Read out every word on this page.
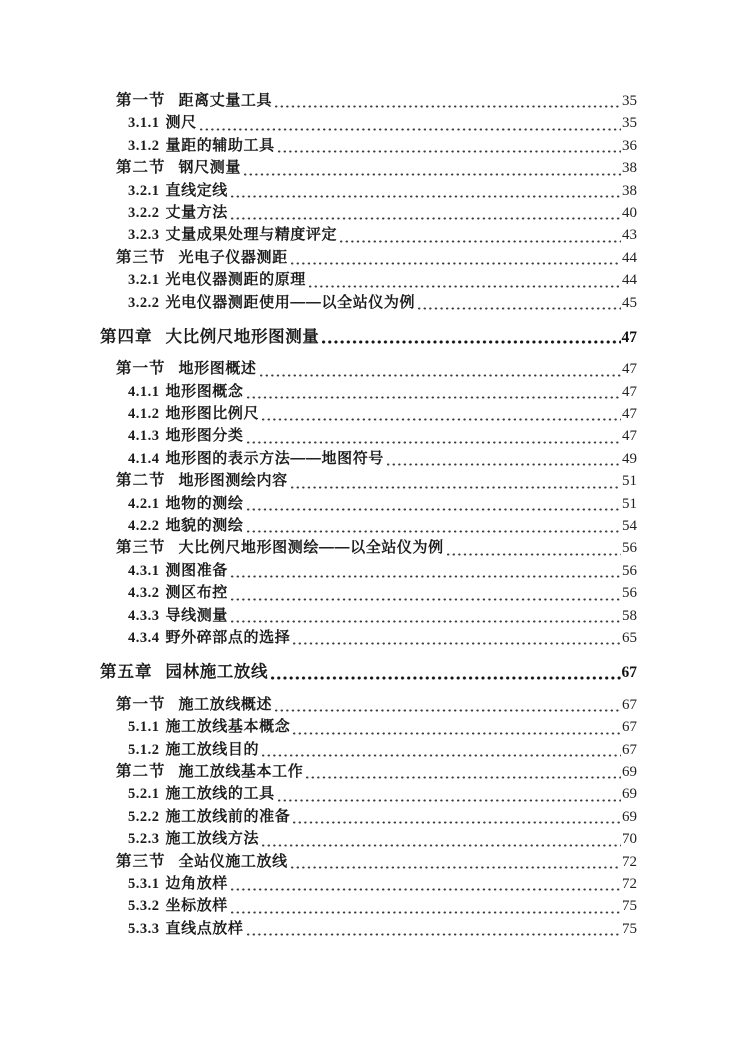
第一节 距离丈量工具	35
3.1.1 测尺	35
3.1.2 量距的辅助工具	36
第二节 钢尺测量	38
3.2.1 直线定线	38
3.2.2 丈量方法	40
3.2.3 丈量成果处理与精度评定	43
第三节 光电子仪器测距	44
3.2.1 光电仪器测距的原理	44
3.2.2 光电仪器测距使用——以全站仪为例	45
第四章 大比例尺地形图测量	47
第一节 地形图概述	47
4.1.1 地形图概念	47
4.1.2 地形图比例尺	47
4.1.3 地形图分类	47
4.1.4 地形图的表示方法——地图符号	49
第二节 地形图测绘内容	51
4.2.1 地物的测绘	51
4.2.2 地貌的测绘	54
第三节 大比例尺地形图测绘——以全站仪为例	56
4.3.1 测图准备	56
4.3.2 测区布控	56
4.3.3 导线测量	58
4.3.4 野外碎部点的选择	65
第五章 园林施工放线	67
第一节 施工放线概述	67
5.1.1 施工放线基本概念	67
5.1.2 施工放线目的	67
第二节 施工放线基本工作	69
5.2.1 施工放线的工具	69
5.2.2 施工放线前的准备	69
5.2.3 施工放线方法	70
第三节 全站仪施工放线	72
5.3.1 边角放样	72
5.3.2 坐标放样	75
5.3.3 直线点放样	75
